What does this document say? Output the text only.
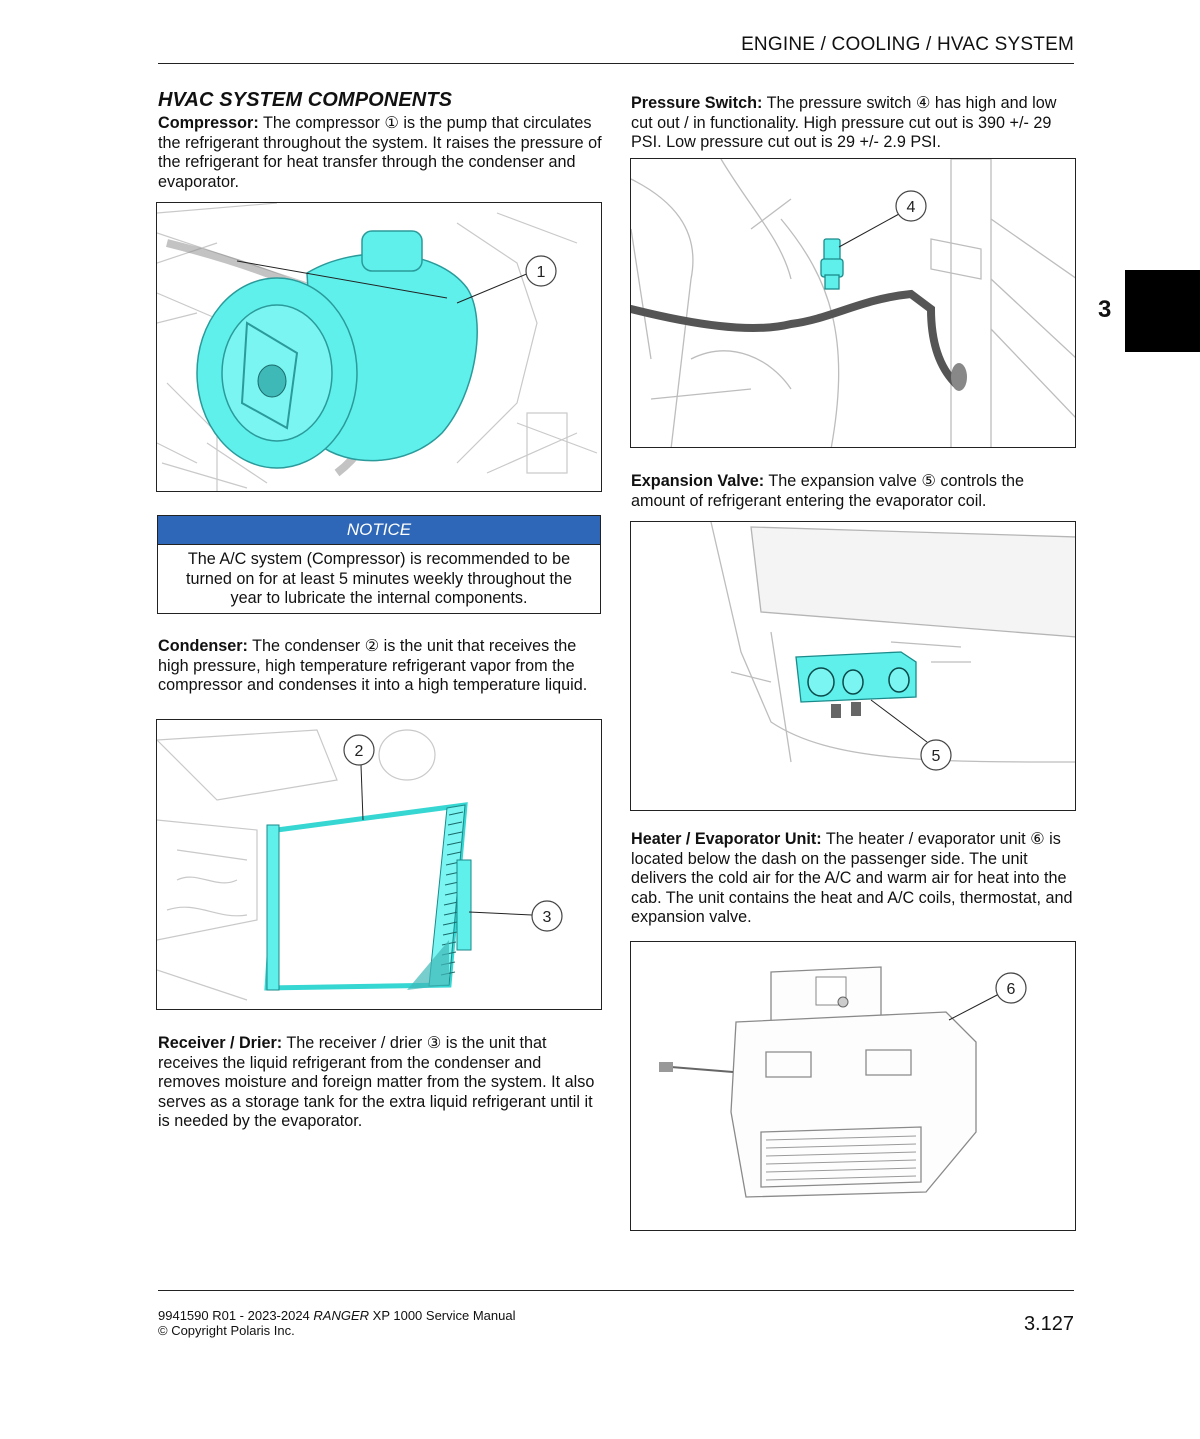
ENGINE / COOLING / HVAC SYSTEM
3
HVAC SYSTEM COMPONENTS

Compressor: The compressor ① is the pump that circulates the refrigerant throughout the system. It raises the pressure of the refrigerant for heat transfer through the condenser and evaporator.

1
NOTICE
The A/C system (Compressor) is recommended to be turned on for at least 5 minutes weekly throughout the year to lubricate the internal components.

Condenser: The condenser ② is the unit that receives the high pressure, high temperature refrigerant vapor from the compressor and condenses it into a high temperature liquid.

2
3

Receiver / Drier: The receiver / drier ③ is the unit that receives the liquid refrigerant from the condenser and removes moisture and foreign matter from the system. It also serves as a storage tank for the extra liquid refrigerant until it is needed by the evaporator.

Pressure Switch: The pressure switch ④ has high and low cut out / in functionality. High pressure cut out is 390 +/- 29 PSI. Low pressure cut out is 29 +/- 2.9 PSI.

4

Expansion Valve: The expansion valve ⑤ controls the amount of refrigerant entering the evaporator coil.

5

Heater / Evaporator Unit: The heater / evaporator unit ⑥ is located below the dash on the passenger side. The unit delivers the cold air for the A/C and warm air for heat into the cab. The unit contains the heat and A/C coils, thermostat, and expansion valve.

6
9941590 R01 - 2023-2024 RANGER XP 1000 Service Manual
© Copyright Polaris Inc.	3.127
